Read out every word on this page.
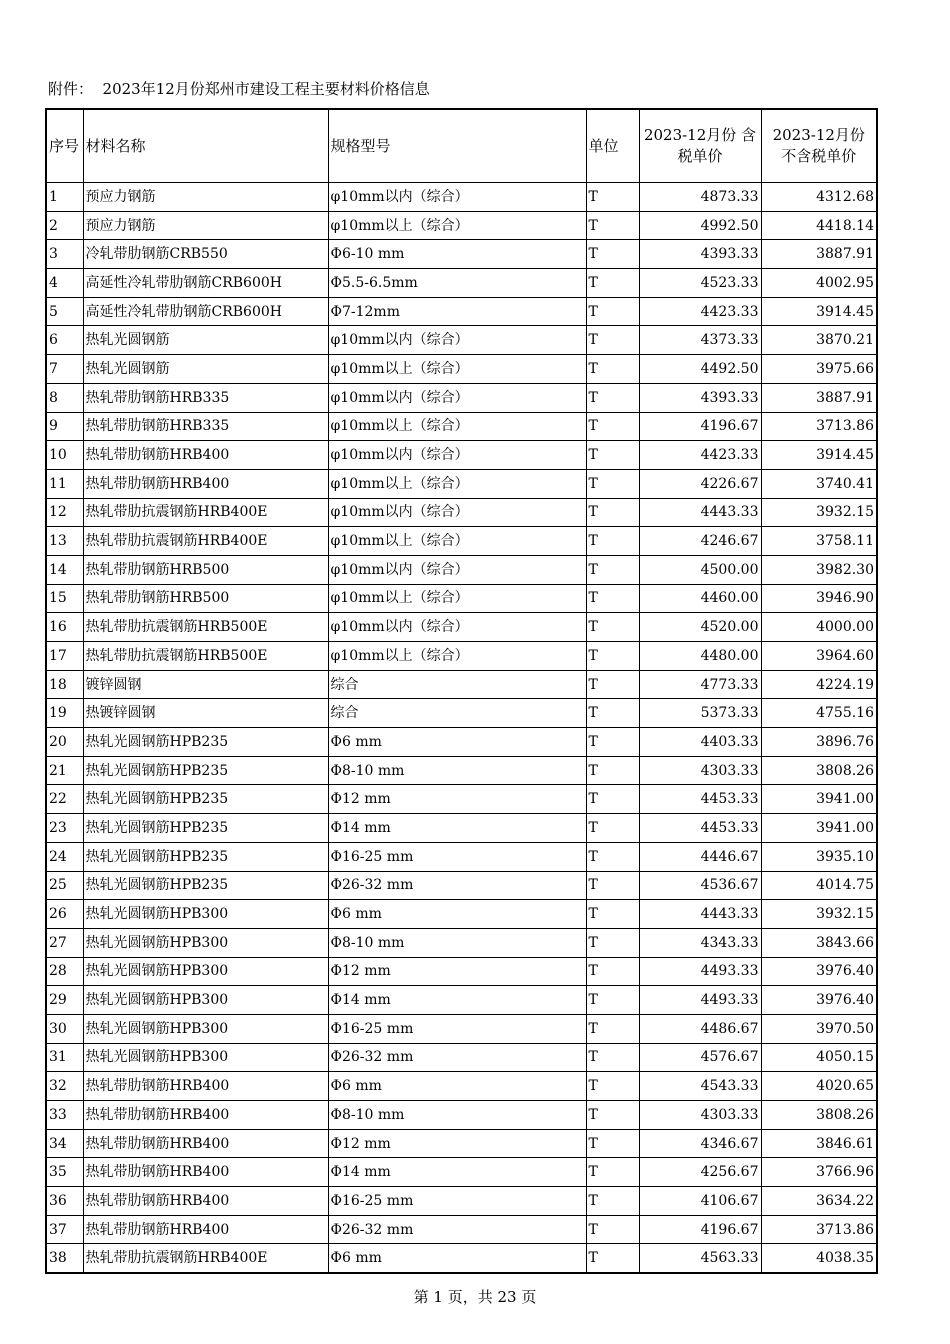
附件：  2023年12月份郑州市建设工程主要材料价格信息
序号	材料名称	规格型号	单位	2023-12月份 含税单价	2023-12月份 不含税单价
1	预应力钢筋	φ10mm以内（综合）	T	4873.33	4312.68
2	预应力钢筋	φ10mm以上（综合）	T	4992.50	4418.14
3	冷轧带肋钢筋CRB550	Φ6-10 mm	T	4393.33	3887.91
4	高延性冷轧带肋钢筋CRB600H	Φ5.5-6.5mm	T	4523.33	4002.95
5	高延性冷轧带肋钢筋CRB600H	Φ7-12mm	T	4423.33	3914.45
6	热轧光圆钢筋	φ10mm以内（综合）	T	4373.33	3870.21
7	热轧光圆钢筋	φ10mm以上（综合）	T	4492.50	3975.66
8	热轧带肋钢筋HRB335	φ10mm以内（综合）	T	4393.33	3887.91
9	热轧带肋钢筋HRB335	φ10mm以上（综合）	T	4196.67	3713.86
10	热轧带肋钢筋HRB400	φ10mm以内（综合）	T	4423.33	3914.45
11	热轧带肋钢筋HRB400	φ10mm以上（综合）	T	4226.67	3740.41
12	热轧带肋抗震钢筋HRB400E	φ10mm以内（综合）	T	4443.33	3932.15
13	热轧带肋抗震钢筋HRB400E	φ10mm以上（综合）	T	4246.67	3758.11
14	热轧带肋钢筋HRB500	φ10mm以内（综合）	T	4500.00	3982.30
15	热轧带肋钢筋HRB500	φ10mm以上（综合）	T	4460.00	3946.90
16	热轧带肋抗震钢筋HRB500E	φ10mm以内（综合）	T	4520.00	4000.00
17	热轧带肋抗震钢筋HRB500E	φ10mm以上（综合）	T	4480.00	3964.60
18	镀锌圆钢	综合	T	4773.33	4224.19
19	热镀锌圆钢	综合	T	5373.33	4755.16
20	热轧光圆钢筋HPB235	Φ6 mm	T	4403.33	3896.76
21	热轧光圆钢筋HPB235	Φ8-10 mm	T	4303.33	3808.26
22	热轧光圆钢筋HPB235	Φ12 mm	T	4453.33	3941.00
23	热轧光圆钢筋HPB235	Φ14 mm	T	4453.33	3941.00
24	热轧光圆钢筋HPB235	Φ16-25 mm	T	4446.67	3935.10
25	热轧光圆钢筋HPB235	Φ26-32 mm	T	4536.67	4014.75
26	热轧光圆钢筋HPB300	Φ6 mm	T	4443.33	3932.15
27	热轧光圆钢筋HPB300	Φ8-10 mm	T	4343.33	3843.66
28	热轧光圆钢筋HPB300	Φ12 mm	T	4493.33	3976.40
29	热轧光圆钢筋HPB300	Φ14 mm	T	4493.33	3976.40
30	热轧光圆钢筋HPB300	Φ16-25 mm	T	4486.67	3970.50
31	热轧光圆钢筋HPB300	Φ26-32 mm	T	4576.67	4050.15
32	热轧带肋钢筋HRB400	Φ6 mm	T	4543.33	4020.65
33	热轧带肋钢筋HRB400	Φ8-10 mm	T	4303.33	3808.26
34	热轧带肋钢筋HRB400	Φ12 mm	T	4346.67	3846.61
35	热轧带肋钢筋HRB400	Φ14 mm	T	4256.67	3766.96
36	热轧带肋钢筋HRB400	Φ16-25 mm	T	4106.67	3634.22
37	热轧带肋钢筋HRB400	Φ26-32 mm	T	4196.67	3713.86
38	热轧带肋抗震钢筋HRB400E	Φ6 mm	T	4563.33	4038.35
第 1 页，共 23 页
